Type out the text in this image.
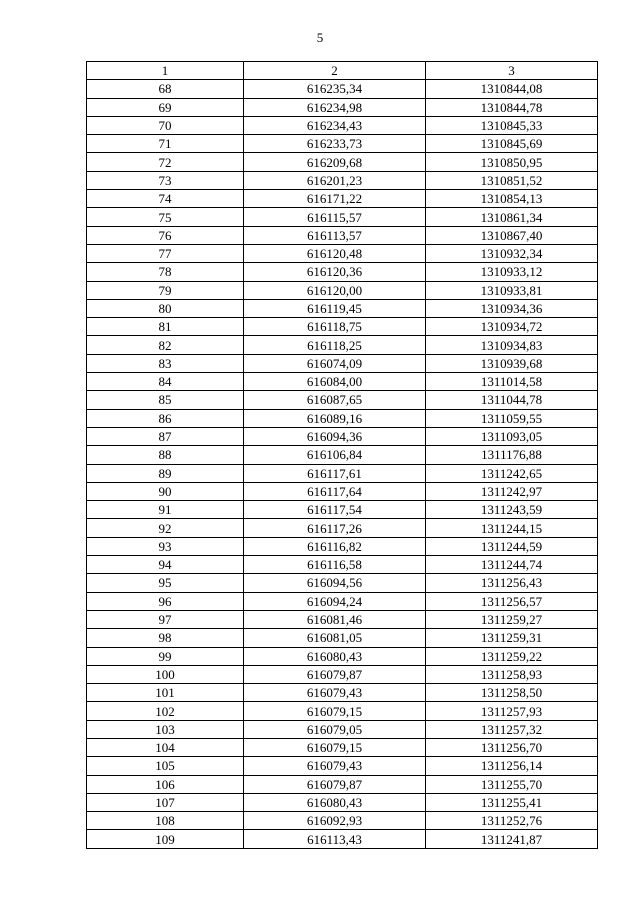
5
1	2	3
68	616235,34	1310844,08
69	616234,98	1310844,78
70	616234,43	1310845,33
71	616233,73	1310845,69
72	616209,68	1310850,95
73	616201,23	1310851,52
74	616171,22	1310854,13
75	616115,57	1310861,34
76	616113,57	1310867,40
77	616120,48	1310932,34
78	616120,36	1310933,12
79	616120,00	1310933,81
80	616119,45	1310934,36
81	616118,75	1310934,72
82	616118,25	1310934,83
83	616074,09	1310939,68
84	616084,00	1311014,58
85	616087,65	1311044,78
86	616089,16	1311059,55
87	616094,36	1311093,05
88	616106,84	1311176,88
89	616117,61	1311242,65
90	616117,64	1311242,97
91	616117,54	1311243,59
92	616117,26	1311244,15
93	616116,82	1311244,59
94	616116,58	1311244,74
95	616094,56	1311256,43
96	616094,24	1311256,57
97	616081,46	1311259,27
98	616081,05	1311259,31
99	616080,43	1311259,22
100	616079,87	1311258,93
101	616079,43	1311258,50
102	616079,15	1311257,93
103	616079,05	1311257,32
104	616079,15	1311256,70
105	616079,43	1311256,14
106	616079,87	1311255,70
107	616080,43	1311255,41
108	616092,93	1311252,76
109	616113,43	1311241,87
